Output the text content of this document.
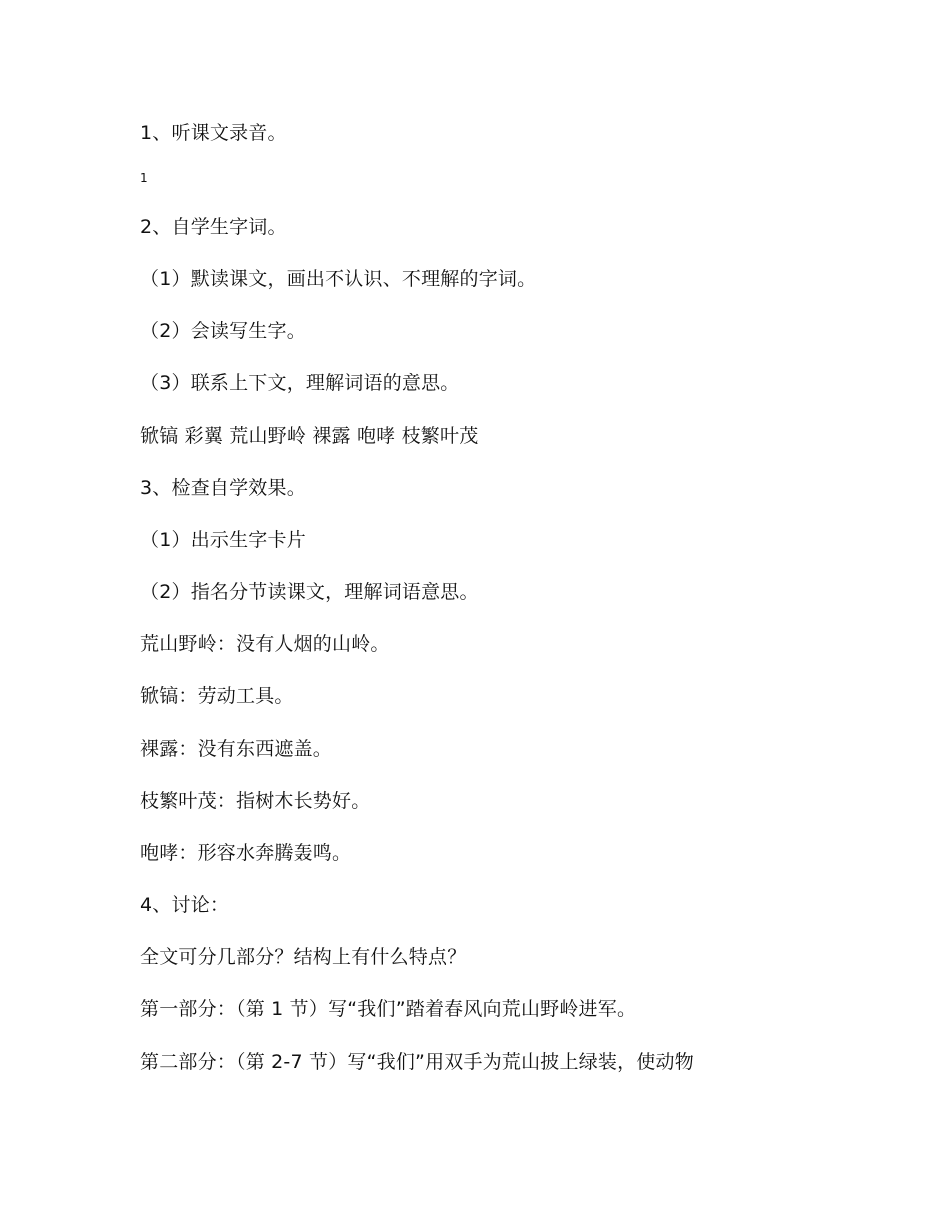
1、听课文录音。
1
2、自学生字词。
（1）默读课文，画出不认识、不理解的字词。
（2）会读写生字。
（3）联系上下文，理解词语的意思。
锨镐 彩翼 荒山野岭 裸露 咆哮 枝繁叶茂
3、检查自学效果。
（1）出示生字卡片
（2）指名分节读课文，理解词语意思。
荒山野岭：没有人烟的山岭。
锨镐：劳动工具。
裸露：没有东西遮盖。
枝繁叶茂：指树木长势好。
咆哮：形容水奔腾轰鸣。
4、讨论：
全文可分几部分？结构上有什么特点？
第一部分：（第 1 节）写“我们”踏着春风向荒山野岭进军。
第二部分：（第 2-7 节）写“我们”用双手为荒山披上绿装，使动物
